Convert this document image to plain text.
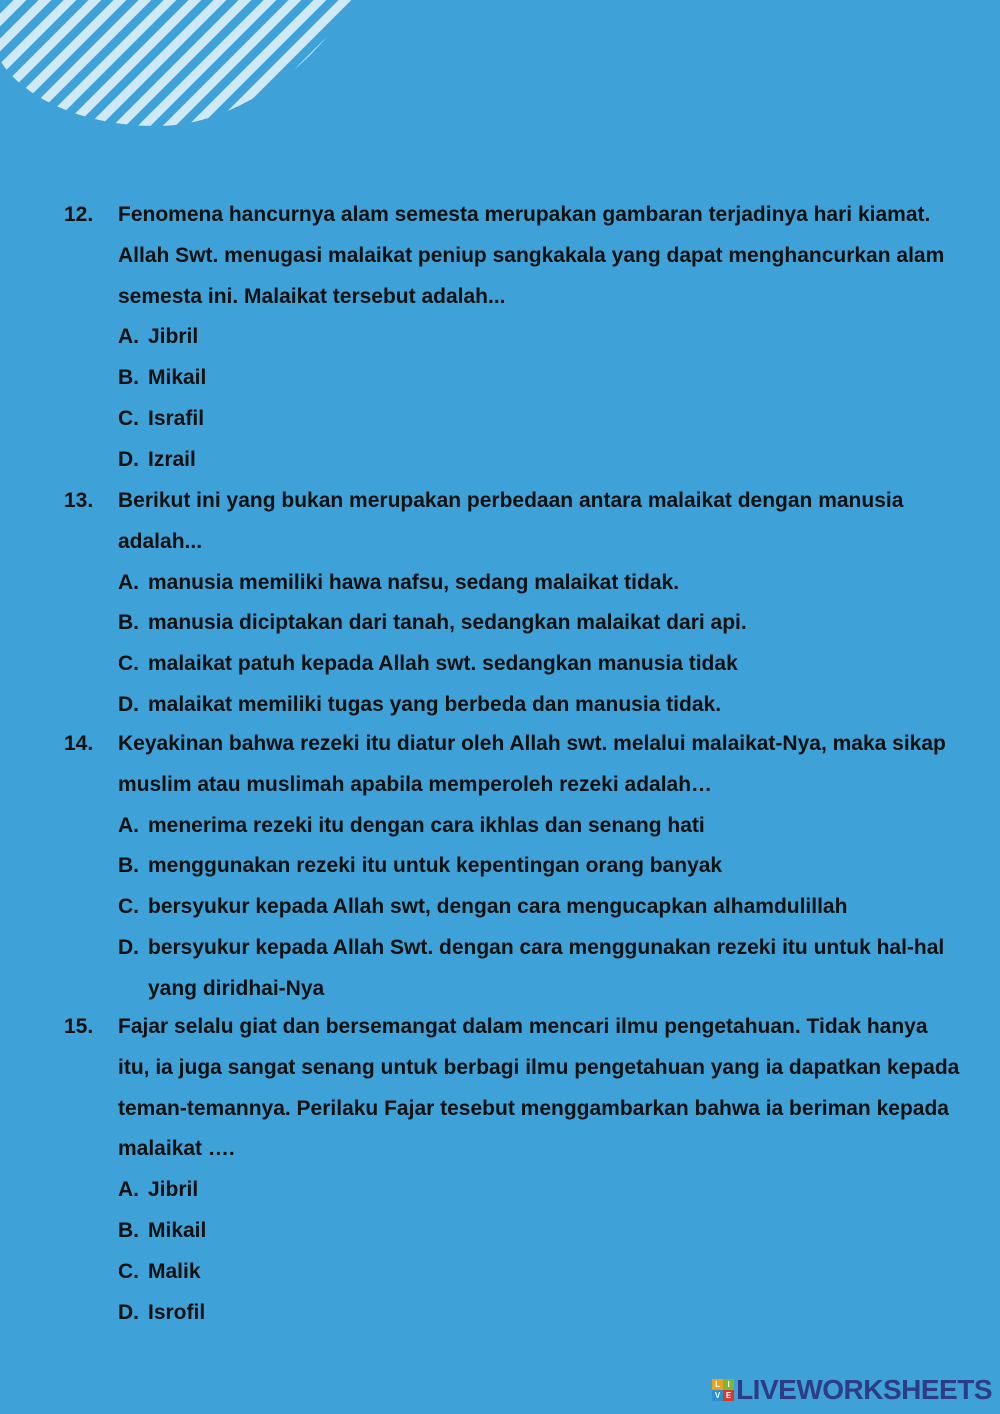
12.	Fenomena hancurnya alam semesta merupakan gambaran terjadinya hari kiamat. Allah Swt. menugasi malaikat peniup sangkakala yang dapat menghancurkan alam semesta ini. Malaikat tersebut adalah...

A. Jibril
B. Mikail
C. Israfil
D. Izrail
13.	Berikut ini yang bukan merupakan perbedaan antara malaikat dengan manusia adalah...

A. manusia memiliki hawa nafsu, sedang malaikat tidak.
B. manusia diciptakan dari tanah, sedangkan malaikat dari api.
C. malaikat patuh kepada Allah swt. sedangkan manusia tidak
D. malaikat memiliki tugas yang berbeda dan manusia tidak.
14.	Keyakinan bahwa rezeki itu diatur oleh Allah swt. melalui malaikat-Nya, maka sikap muslim atau muslimah apabila memperoleh rezeki adalah…

A. menerima rezeki itu dengan cara ikhlas dan senang hati
B. menggunakan rezeki itu untuk kepentingan orang banyak
C. bersyukur kepada Allah swt, dengan cara mengucapkan alhamdulillah
D. bersyukur kepada Allah Swt. dengan cara menggunakan rezeki itu untuk hal-hal yang diridhai-Nya
15.	Fajar selalu giat dan bersemangat dalam mencari ilmu pengetahuan. Tidak hanya itu, ia juga sangat senang untuk berbagi ilmu pengetahuan yang ia dapatkan kepada teman-temannya. Perilaku Fajar tesebut menggambarkan bahwa ia beriman kepada malaikat ….

A. Jibril
B. Mikail
C. Malik
D. Isrofil
L I
V E LIVEWORKSHEETS
